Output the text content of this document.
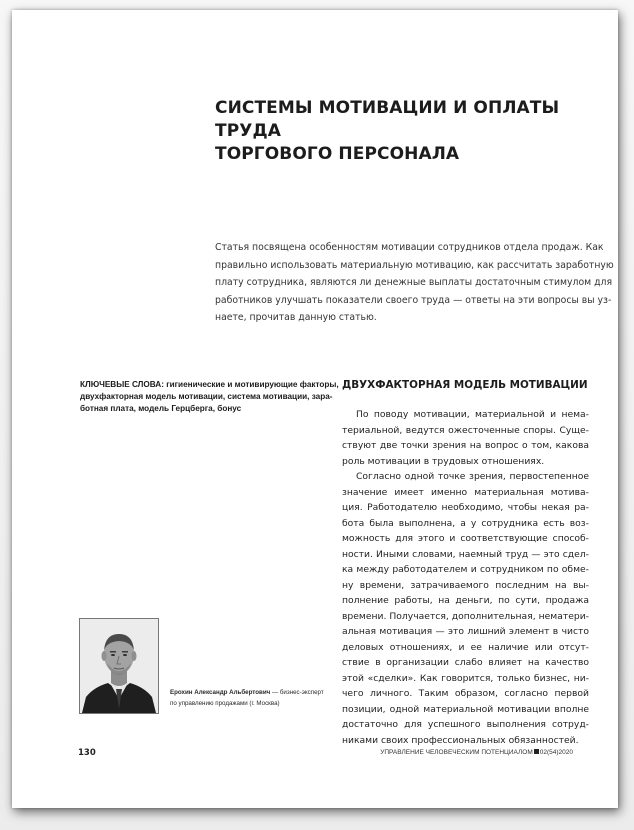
СИСТЕМЫ МОТИВАЦИИ И ОПЛАТЫ ТРУДА
ТОРГОВОГО ПЕРСОНАЛА
Статья посвящена особенностям мотивации сотрудников отдела продаж. Как
правильно использовать материальную мотивацию, как рассчитать заработную
плату сотрудника, являются ли денежные выплаты достаточным стимулом для
работников улучшать показатели своего труда — ответы на эти вопросы вы уз-
наете, прочитав данную статью.
КЛЮЧЕВЫЕ СЛОВА: гигиенические и мотивирующие факторы,
двухфакторная модель мотивации, система мотивации, зара-
ботная плата, модель Герцберга, бонус
ДВУХФАКТОРНАЯ МОДЕЛЬ МОТИВАЦИИ
По поводу мотивации, материальной и нема-
териальной, ведутся ожесточенные споры. Суще-
ствуют две точки зрения на вопрос о том, какова
роль мотивации в трудовых отношениях.
Согласно одной точке зрения, первостепенное
значение имеет именно материальная мотива-
ция. Работодателю необходимо, чтобы некая ра-
бота была выполнена, а у сотрудника есть воз-
можность для этого и соответствующие способ-
ности. Иными словами, наемный труд — это сдел-
ка между работодателем и сотрудником по обме-
ну времени, затрачиваемого последним на вы-
полнение работы, на деньги, по сути, продажа
времени. Получается, дополнительная, нематери-
альная мотивация — это лишний элемент в чисто
деловых отношениях, и ее наличие или отсут-
ствие в организации слабо влияет на качество
этой «сделки». Как говорится, только бизнес, ни-
чего личного. Таким образом, согласно первой
позиции, одной материальной мотивации вполне
достаточно для успешного выполнения сотруд-
никами своих профессиональных обязанностей.
Ерохин Александр Альбертович — бизнес-эксперт
по управлению продажами (г. Москва)
130	УПРАВЛЕНИЕ ЧЕЛОВЕЧЕСКИМ ПОТЕНЦИАЛОМ 02(54)2020
